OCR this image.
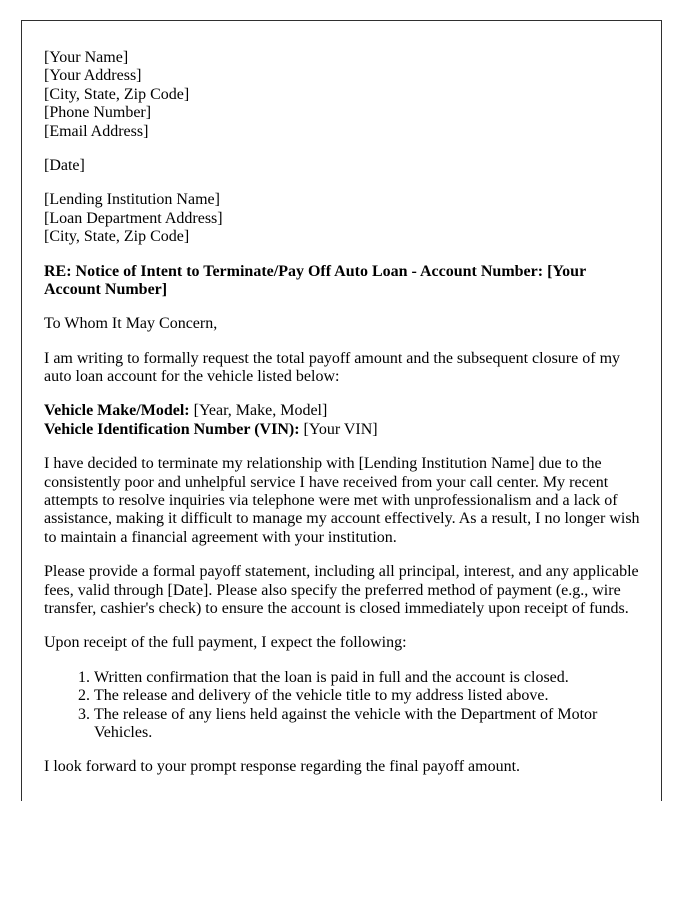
[Your Name]
[Your Address]
[City, State, Zip Code]
[Phone Number]
[Email Address]

[Date]

[Lending Institution Name]
[Loan Department Address]
[City, State, Zip Code]

RE: Notice of Intent to Terminate/Pay Off Auto Loan - Account Number: [Your Account Number]

To Whom It May Concern,

I am writing to formally request the total payoff amount and the subsequent closure of my auto loan account for the vehicle listed below:

Vehicle Make/Model: [Year, Make, Model]
Vehicle Identification Number (VIN): [Your VIN]

I have decided to terminate my relationship with [Lending Institution Name] due to the consistently poor and unhelpful service I have received from your call center. My recent attempts to resolve inquiries via telephone were met with unprofessionalism and a lack of assistance, making it difficult to manage my account effectively. As a result, I no longer wish to maintain a financial agreement with your institution.

Please provide a formal payoff statement, including all principal, interest, and any applicable fees, valid through [Date]. Please also specify the preferred method of payment (e.g., wire transfer, cashier's check) to ensure the account is closed immediately upon receipt of funds.

Upon receipt of the full payment, I expect the following:

1. Written confirmation that the loan is paid in full and the account is closed.
2. The release and delivery of the vehicle title to my address listed above.
3. The release of any liens held against the vehicle with the Department of Motor Vehicles.

I look forward to your prompt response regarding the final payoff amount.
